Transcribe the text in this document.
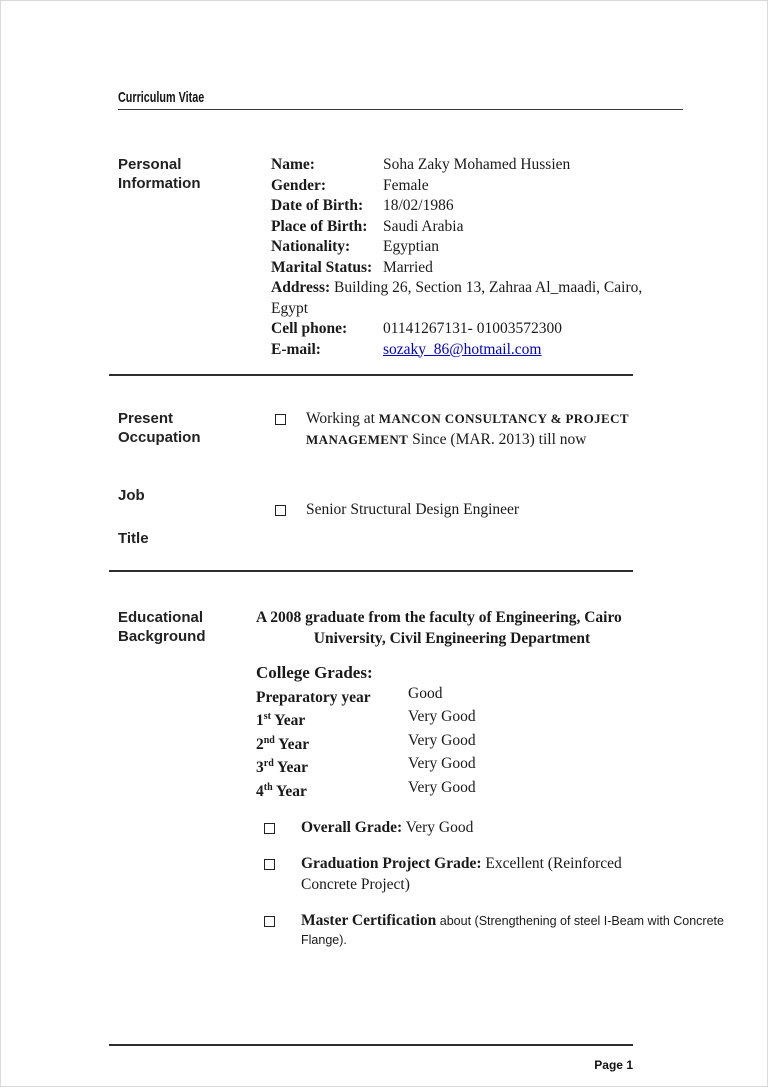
Curriculum Vitae
Personal
Information
Name:	Soha Zaky Mohamed Hussien
Gender:	Female
Date of Birth: 18/02/1986
Place of Birth: Saudi Arabia
Nationality: Egyptian
Marital Status: Married
Address: Building 26, Section 13, Zahraa Al_maadi, Cairo, Egypt
Cell phone: 01141267131- 01003572300
E-mail:	sozaky_86@hotmail.com
Present
Occupation
Working at MANCON CONSULTANCY & PROJECT MANAGEMENT Since (MAR. 2013) till now
Job
Title
Senior Structural Design Engineer
Educational
Background
A 2008 graduate from the faculty of Engineering, Cairo
University, Civil Engineering Department
College Grades:
Preparatory year	Good
1st Year	Very Good
2nd Year	Very Good
3rd Year	Very Good
4th Year	Very Good
Overall Grade: Very Good
Graduation Project Grade: Excellent (Reinforced Concrete Project)
Master Certification about (Strengthening of steel I-Beam with Concrete Flange).
Page 1
